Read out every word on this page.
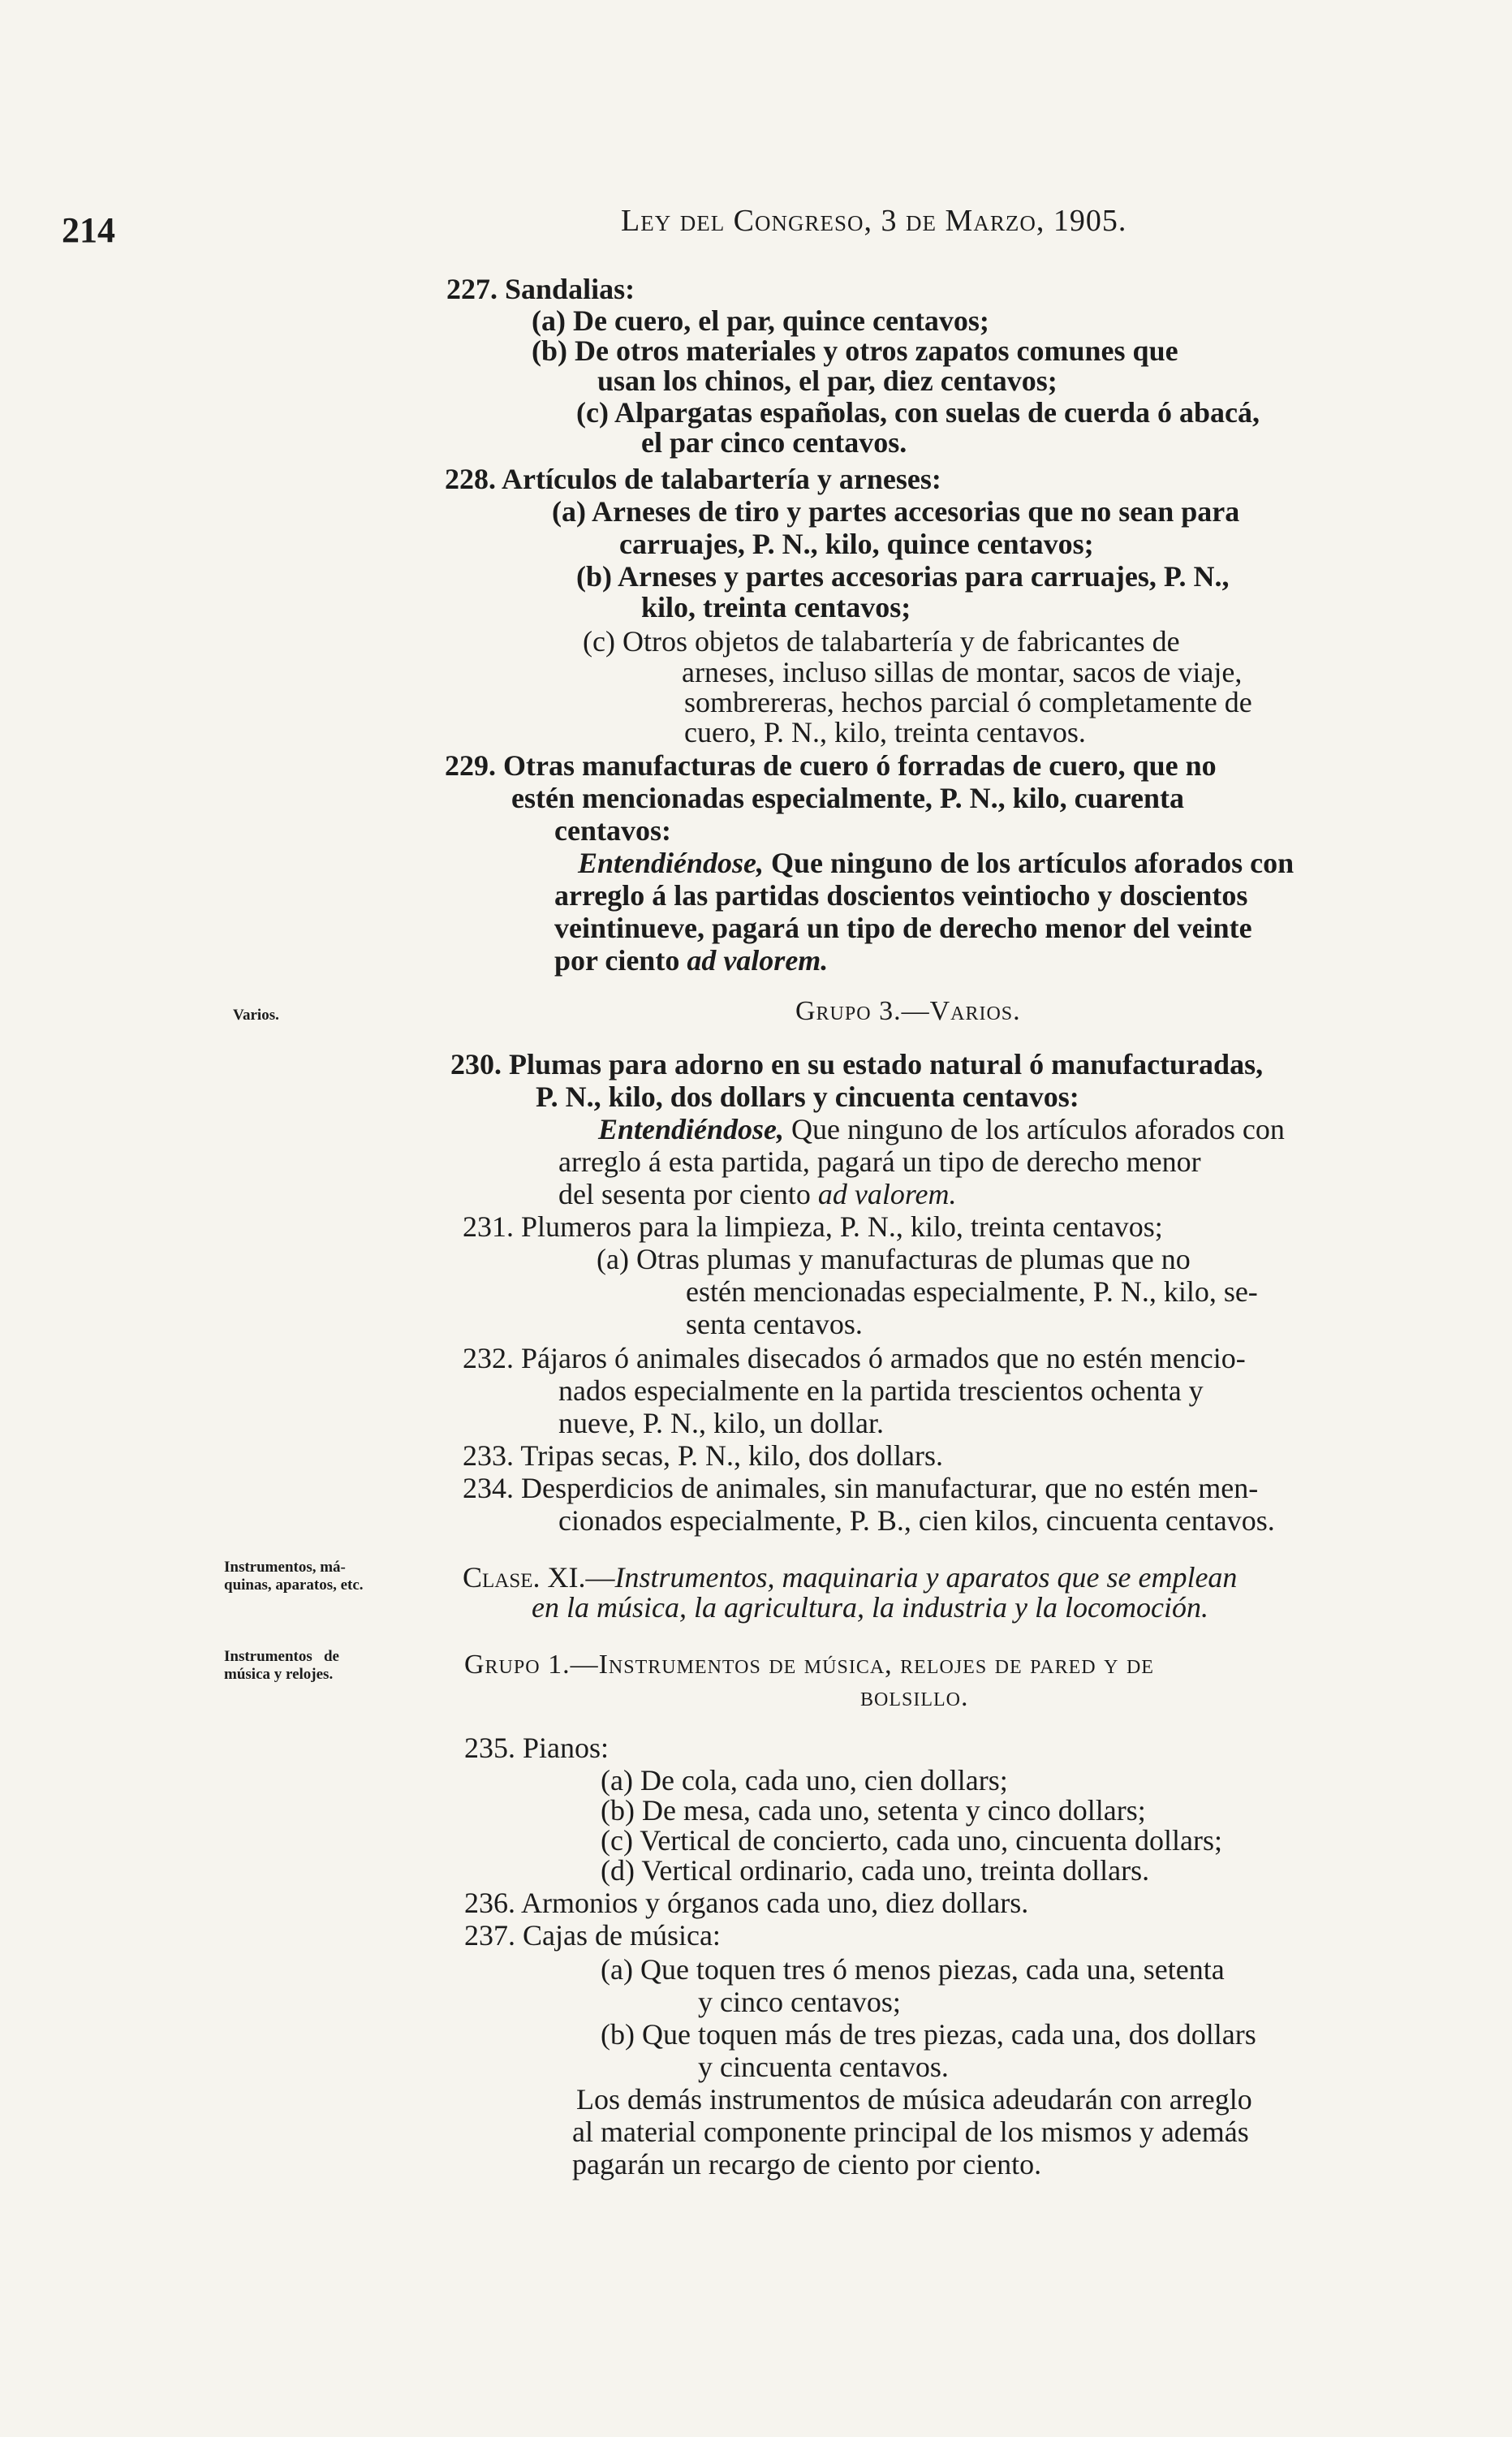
214	Ley del Congreso, 3 de Marzo, 1905.
Varios.
Instrumentos, má-
quinas, aparatos, etc.
Instrumentos   de
música y relojes.
227. Sandalias:
(a) De cuero, el par, quince centavos;
(b) De otros materiales y otros zapatos comunes que
usan los chinos, el par, diez centavos;
(c) Alpargatas españolas, con suelas de cuerda ó abacá,
el par cinco centavos.
228. Artículos de talabartería y arneses:
(a) Arneses de tiro y partes accesorias que no sean para
carruajes, P. N., kilo, quince centavos;
(b) Arneses y partes accesorias para carruajes, P. N.,
kilo, treinta centavos;
(c) Otros objetos de talabartería y de fabricantes de
arneses, incluso sillas de montar, sacos de viaje,
sombrereras, hechos parcial ó completamente de
cuero, P. N., kilo, treinta centavos.
229. Otras manufacturas de cuero ó forradas de cuero, que no
estén mencionadas especialmente, P. N., kilo, cuarenta
centavos:
Entendiéndose, Que ninguno de los artículos aforados con
arreglo á las partidas doscientos veintiocho y doscientos
veintinueve, pagará un tipo de derecho menor del veinte
por ciento ad valorem.
Grupo 3.—Varios.
230. Plumas para adorno en su estado natural ó manufacturadas,
P. N., kilo, dos dollars y cincuenta centavos:
Entendiéndose, Que ninguno de los artículos aforados con
arreglo á esta partida, pagará un tipo de derecho menor
del sesenta por ciento ad valorem.
231. Plumeros para la limpieza, P. N., kilo, treinta centavos;
(a) Otras plumas y manufacturas de plumas que no
estén mencionadas especialmente, P. N., kilo, se-
senta centavos.
232. Pájaros ó animales disecados ó armados que no estén mencio-
nados especialmente en la partida trescientos ochenta y
nueve, P. N., kilo, un dollar.
233. Tripas secas, P. N., kilo, dos dollars.
234. Desperdicios de animales, sin manufacturar, que no estén men-
cionados especialmente, P. B., cien kilos, cincuenta centavos.
Clase. XI.—Instrumentos, maquinaria y aparatos que se emplean
en la música, la agricultura, la industria y la locomoción.
Grupo 1.—Instrumentos de música, relojes de pared y de
bolsillo.
235. Pianos:
(a) De cola, cada uno, cien dollars;
(b) De mesa, cada uno, setenta y cinco dollars;
(c) Vertical de concierto, cada uno, cincuenta dollars;
(d) Vertical ordinario, cada uno, treinta dollars.
236. Armonios y órganos cada uno, diez dollars.
237. Cajas de música:
(a) Que toquen tres ó menos piezas, cada una, setenta
y cinco centavos;
(b) Que toquen más de tres piezas, cada una, dos dollars
y cincuenta centavos.
Los demás instrumentos de música adeudarán con arreglo
al material componente principal de los mismos y además
pagarán un recargo de ciento por ciento.
